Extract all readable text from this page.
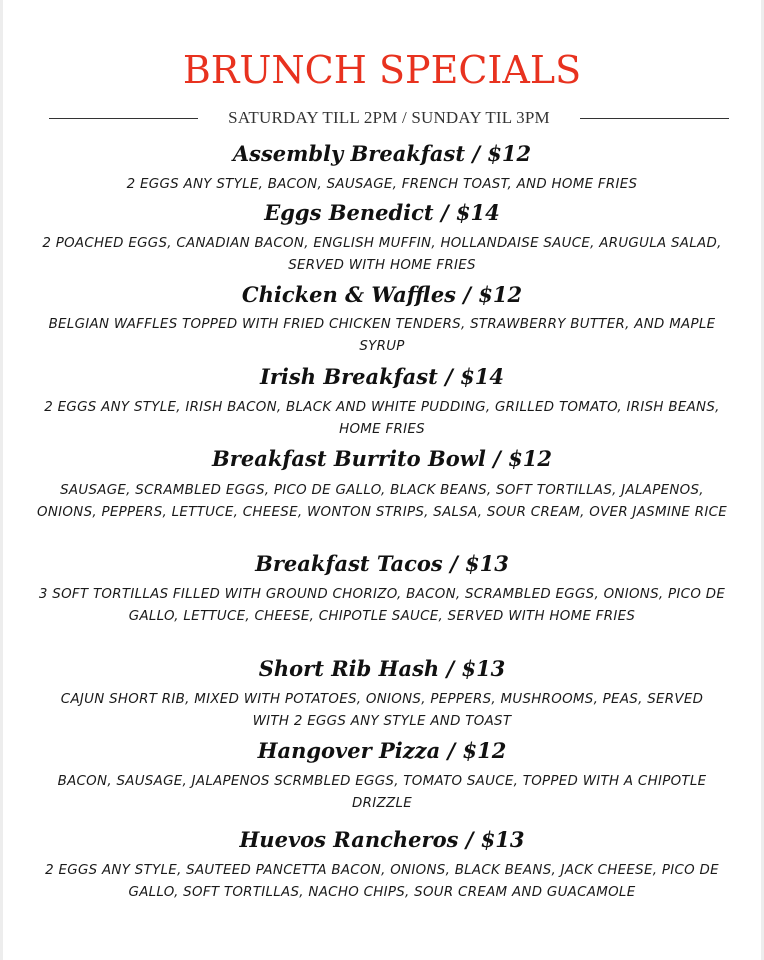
BRUNCH SPECIALS
SATURDAY TILL 2PM / SUNDAY TIL 3PM
Assembly Breakfast / $12
2 EGGS ANY STYLE, BACON, SAUSAGE, FRENCH TOAST, AND HOME FRIES
Eggs Benedict / $14
2 POACHED EGGS, CANADIAN BACON, ENGLISH MUFFIN, HOLLANDAISE SAUCE, ARUGULA SALAD, SERVED WITH HOME FRIES
Chicken & Waffles / $12
BELGIAN WAFFLES TOPPED WITH FRIED CHICKEN TENDERS, STRAWBERRY BUTTER, AND MAPLE SYRUP
Irish Breakfast / $14
2 EGGS ANY STYLE, IRISH BACON, BLACK AND WHITE PUDDING, GRILLED TOMATO, IRISH BEANS, HOME FRIES
Breakfast Burrito Bowl / $12
SAUSAGE, SCRAMBLED EGGS, PICO DE GALLO, BLACK BEANS, SOFT TORTILLAS, JALAPENOS, ONIONS, PEPPERS, LETTUCE, CHEESE, WONTON STRIPS, SALSA, SOUR CREAM, OVER JASMINE RICE
Breakfast Tacos / $13
3 SOFT TORTILLAS FILLED WITH GROUND CHORIZO, BACON, SCRAMBLED EGGS, ONIONS, PICO DE GALLO, LETTUCE, CHEESE, CHIPOTLE SAUCE, SERVED WITH HOME FRIES
Short Rib Hash / $13
CAJUN SHORT RIB, MIXED WITH POTATOES, ONIONS, PEPPERS, MUSHROOMS, PEAS, SERVED WITH 2 EGGS ANY STYLE AND TOAST
Hangover Pizza / $12
BACON, SAUSAGE, JALAPENOS SCRMBLED EGGS, TOMATO SAUCE, TOPPED WITH A CHIPOTLE DRIZZLE
Huevos Rancheros / $13
2 EGGS ANY STYLE, SAUTEED PANCETTA BACON, ONIONS, BLACK BEANS, JACK CHEESE, PICO DE GALLO, SOFT TORTILLAS, NACHO CHIPS, SOUR CREAM AND GUACAMOLE
